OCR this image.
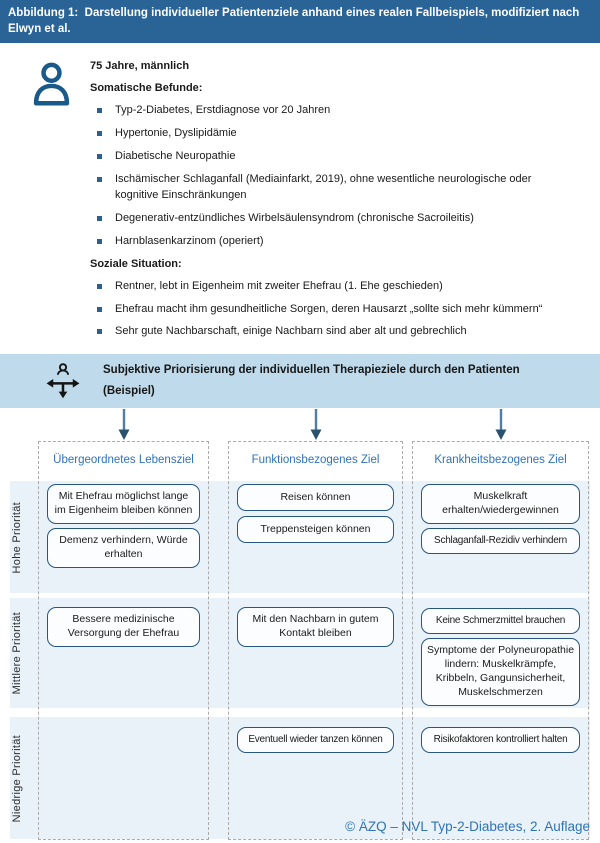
Abbildung 1:  Darstellung individueller Patientenziele anhand eines realen Fallbeispiels, modifiziert nach
Elwyn et al.
75 Jahre, männlich
Somatische Befunde:
Typ-2-Diabetes, Erstdiagnose vor 20 Jahren
Hypertonie, Dyslipidämie
Diabetische Neuropathie
Ischämischer Schlaganfall (Mediainfarkt, 2019), ohne wesentliche neurologische oder kognitive Einschränkungen
Degenerativ-entzündliches Wirbelsäulensyndrom (chronische Sacroileitis)
Harnblasenkarzinom (operiert)
Soziale Situation:
Rentner, lebt in Eigenheim mit zweiter Ehefrau (1. Ehe geschieden)
Ehefrau macht ihm gesundheitliche Sorgen, deren Hausarzt „sollte sich mehr kümmern“
Sehr gute Nachbarschaft, einige Nachbarn sind aber alt und gebrechlich
Subjektive Priorisierung der individuellen Therapieziele durch den Patienten
(Beispiel)
Hohe Priorität
Mittlere Priorität
Niedrige Priorität
Übergeordnetes Lebensziel
Mit Ehefrau möglichst lange im Eigenheim bleiben können
Demenz verhindern, Würde erhalten
Bessere medizinische Versorgung der Ehefrau
Funktionsbezogenes Ziel
Reisen können
Treppensteigen können
Mit den Nachbarn in gutem Kontakt bleiben
Eventuell wieder tanzen können
Krankheitsbezogenes Ziel
Muskelkraft erhalten/wiedergewinnen
Schlaganfall-Rezidiv verhindern
Keine Schmerzmittel brauchen
Symptome der Polyneuropathie lindern: Muskelkrämpfe, Kribbeln, Gangunsicherheit, Muskelschmerzen
Risikofaktoren kontrolliert halten
© ÄZQ – NVL Typ-2-Diabetes, 2. Auflage
